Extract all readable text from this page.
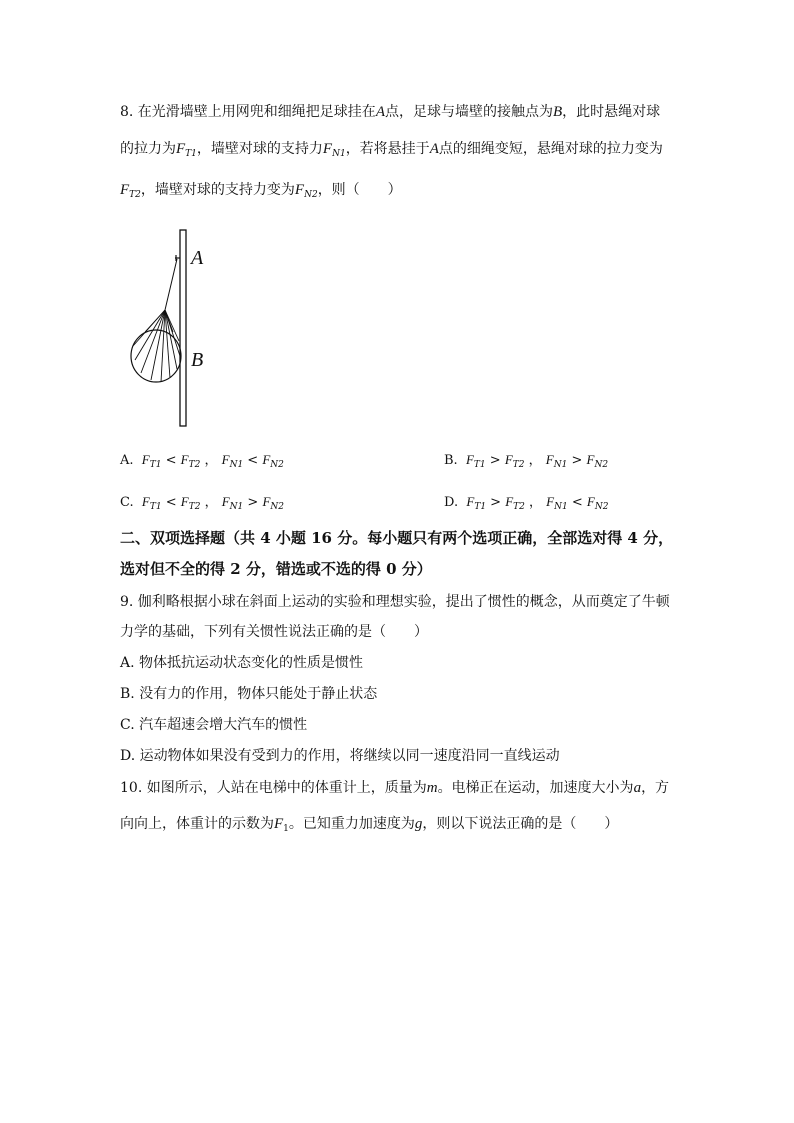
8. 在光滑墙壁上用网兜和细绳把足球挂在A点，足球与墙壁的接触点为B，此时悬绳对球
的拉力为$F_{T1}$，墙壁对球的支持力$F_{N1}$，若将悬挂于A点的细绳变短，悬绳对球的拉力变为
$F_{T2}$，墙壁对球的支持力变为$F_{N2}$，则（　　）
A
B
A. $F_{T1} < F_{T2}$ ， $F_{N1} < F_{N2}$	B. $F_{T1} > F_{T2}$ ， $F_{N1} > F_{N2}$
C. $F_{T1} < F_{T2}$ ， $F_{N1} > F_{N2}$	D. $F_{T1} > F_{T2}$ ， $F_{N1} < F_{N2}$
二、双项选择题（共 4 小题 16 分。每小题只有两个选项正确，全部选对得 4 分，
选对但不全的得 2 分，错选或不选的得 0 分）
9. 伽利略根据小球在斜面上运动的实验和理想实验，提出了惯性的概念，从而奠定了牛顿
力学的基础，下列有关惯性说法正确的是（　　）
A. 物体抵抗运动状态变化的性质是惯性
B. 没有力的作用，物体只能处于静止状态
C. 汽车超速会增大汽车的惯性
D. 运动物体如果没有受到力的作用，将继续以同一速度沿同一直线运动
10. 如图所示，人站在电梯中的体重计上，质量为m。电梯正在运动，加速度大小为a，方
向向上，体重计的示数为$F_1$。已知重力加速度为g，则以下说法正确的是（　　）
